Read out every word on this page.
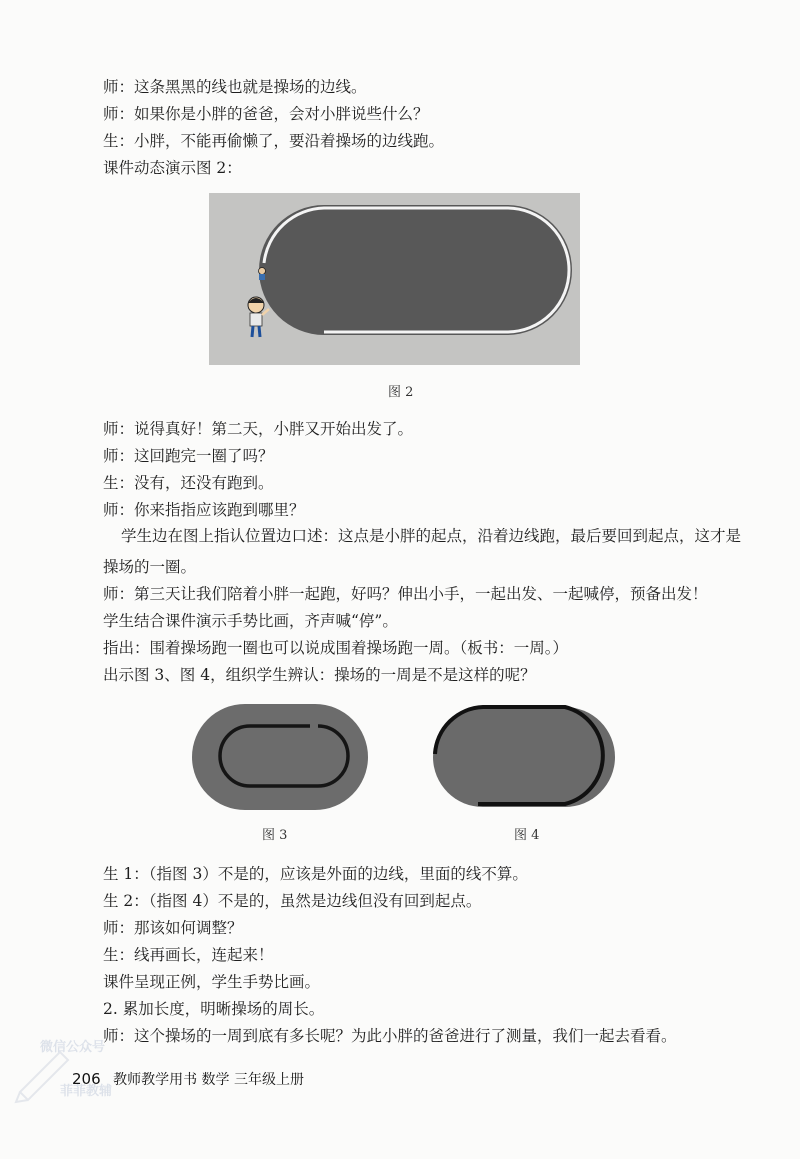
师：这条黑黑的线也就是操场的边线。
师：如果你是小胖的爸爸，会对小胖说些什么？
生：小胖，不能再偷懒了，要沿着操场的边线跑。
课件动态演示图 2：
图 2
师：说得真好！第二天，小胖又开始出发了。
师：这回跑完一圈了吗？
生：没有，还没有跑到。
师：你来指指应该跑到哪里？
学生边在图上指认位置边口述：这点是小胖的起点，沿着边线跑，最后要回到起点，这才是操场的一圈。
师：第三天让我们陪着小胖一起跑，好吗？伸出小手，一起出发、一起喊停，预备出发！
学生结合课件演示手势比画，齐声喊“停”。
指出：围着操场跑一圈也可以说成围着操场跑一周。（板书：一周。）
出示图 3、图 4，组织学生辨认：操场的一周是不是这样的呢？
图 3	图 4
生 1：（指图 3）不是的，应该是外面的边线，里面的线不算。
生 2：（指图 4）不是的，虽然是边线但没有回到起点。
师：那该如何调整？
生：线再画长，连起来！
课件呈现正例，学生手势比画。
2. 累加长度，明晰操场的周长。
师：这个操场的一周到底有多长呢？为此小胖的爸爸进行了测量，我们一起去看看。
微信公众号
菲菲教辅
206 教师教学用书 数学 三年级上册
